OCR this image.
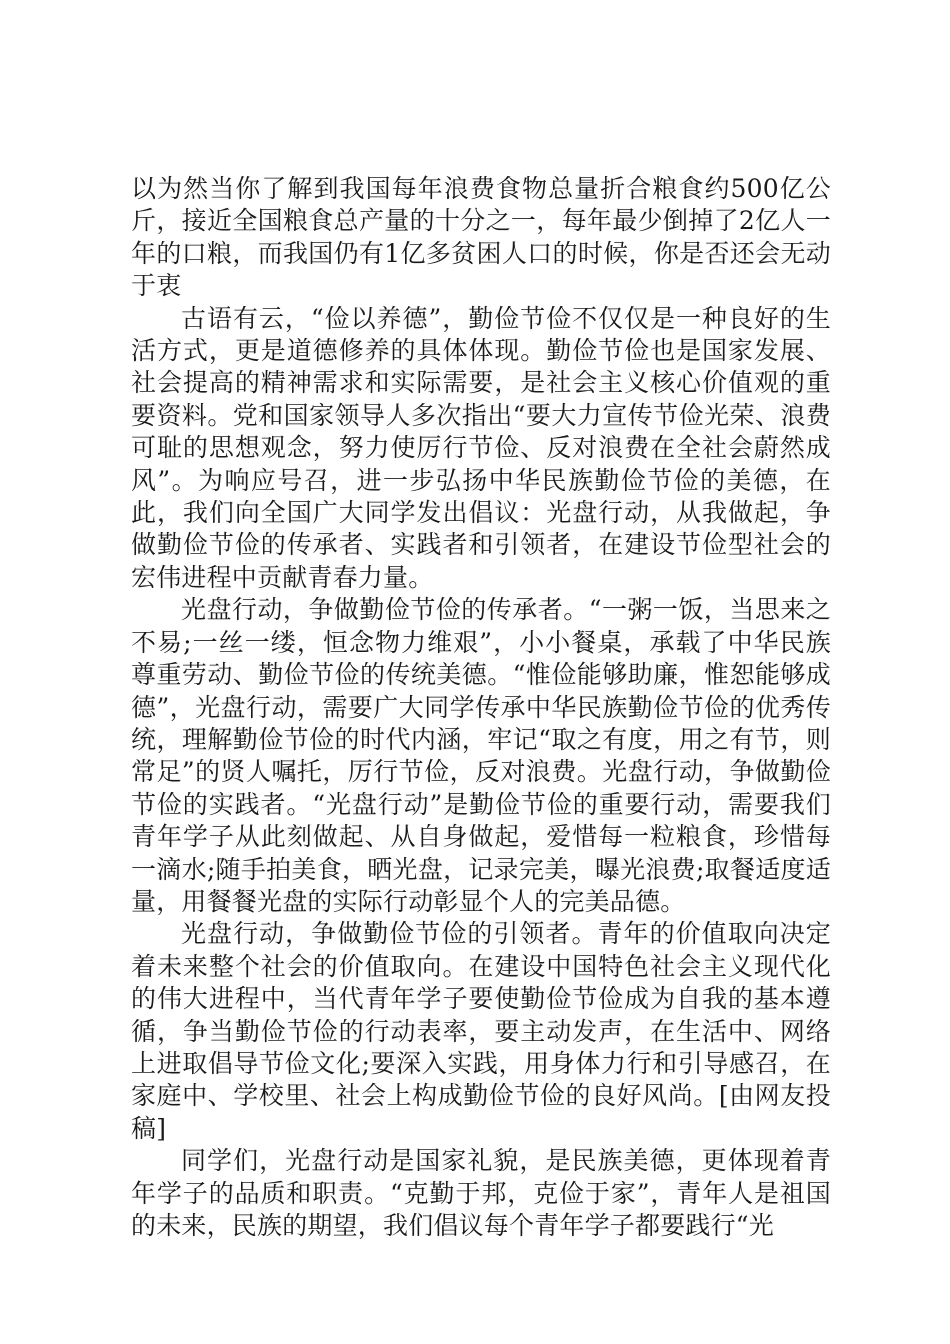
以为然当你了解到我国每年浪费食物总量折合粮食约500亿公斤，接近全国粮食总产量的十分之一，每年最少倒掉了2亿人一年的口粮，而我国仍有1亿多贫困人口的时候，你是否还会无动于衷

古语有云，“俭以养德”，勤俭节俭不仅仅是一种良好的生活方式，更是道德修养的具体体现。勤俭节俭也是国家发展、社会提高的精神需求和实际需要，是社会主义核心价值观的重要资料。党和国家领导人多次指出“要大力宣传节俭光荣、浪费可耻的思想观念，努力使厉行节俭、反对浪费在全社会蔚然成风”。为响应号召，进一步弘扬中华民族勤俭节俭的美德，在此，我们向全国广大同学发出倡议：光盘行动，从我做起，争做勤俭节俭的传承者、实践者和引领者，在建设节俭型社会的宏伟进程中贡献青春力量。

光盘行动，争做勤俭节俭的传承者。“一粥一饭，当思来之不易;一丝一缕，恒念物力维艰”，小小餐桌，承载了中华民族尊重劳动、勤俭节俭的传统美德。“惟俭能够助廉，惟恕能够成德”，光盘行动，需要广大同学传承中华民族勤俭节俭的优秀传统，理解勤俭节俭的时代内涵，牢记“取之有度，用之有节，则常足”的贤人嘱托，厉行节俭，反对浪费。光盘行动，争做勤俭节俭的实践者。“光盘行动”是勤俭节俭的重要行动，需要我们青年学子从此刻做起、从自身做起，爱惜每一粒粮食，珍惜每一滴水;随手拍美食，晒光盘，记录完美，曝光浪费;取餐适度适量，用餐餐光盘的实际行动彰显个人的完美品德。

光盘行动，争做勤俭节俭的引领者。青年的价值取向决定着未来整个社会的价值取向。在建设中国特色社会主义现代化的伟大进程中，当代青年学子要使勤俭节俭成为自我的基本遵循，争当勤俭节俭的行动表率，要主动发声，在生活中、网络上进取倡导节俭文化;要深入实践，用身体力行和引导感召，在家庭中、学校里、社会上构成勤俭节俭的良好风尚。[由网友投稿]

同学们，光盘行动是国家礼貌，是民族美德，更体现着青年学子的品质和职责。“克勤于邦，克俭于家”，青年人是祖国的未来，民族的期望，我们倡议每个青年学子都要践行“光
